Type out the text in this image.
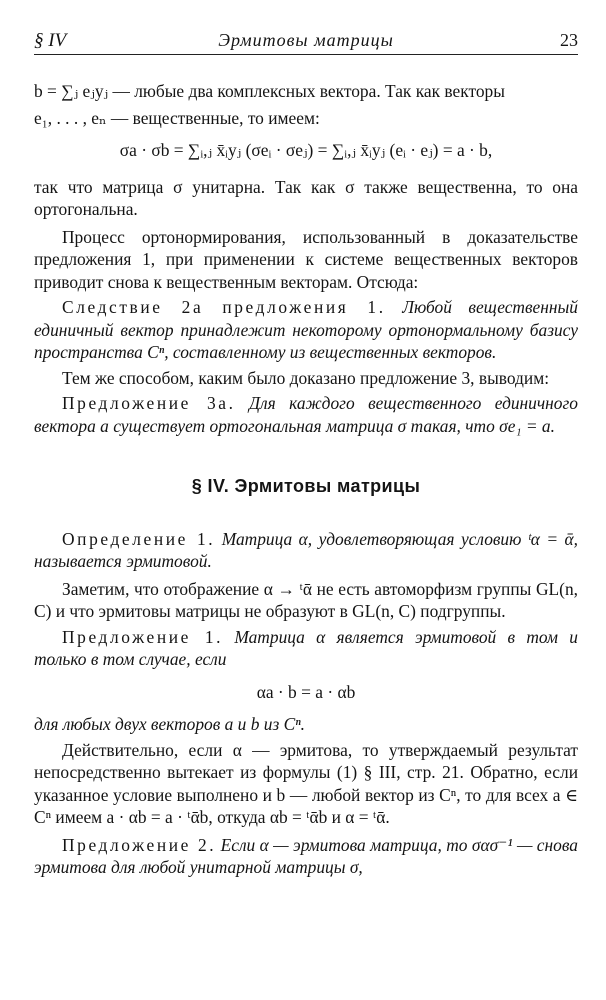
§ IV	Эрмитовы матрицы	23

b = ∑ⱼ eⱼyⱼ — любые два комплексных вектора. Так как векторы

e₁, . . . , eₙ — вещественные, то имеем:

σa · σb = ∑ᵢ,ⱼ x̄ᵢyⱼ (σeᵢ · σeⱼ) = ∑ᵢ,ⱼ x̄ᵢyⱼ (eᵢ · eⱼ) = a · b,

так что матрица σ унитарна. Так как σ также вещественна, то она ортогональна.

Процесс ортонормирования, использованный в доказательстве предложения 1, при применении к системе вещественных векторов приводит снова к вещественным векторам. Отсюда:

Следствие 2а предложения 1. Любой вещественный единичный вектор принадлежит некоторому ортонормальному базису пространства Cⁿ, составленному из вещественных векторов.

Тем же способом, каким было доказано предложение 3, выводим:

Предложение 3а. Для каждого вещественного единичного вектора a существует ортогональная матрица σ такая, что σe₁ = a.

§ IV. Эрмитовы матрицы

Определение 1. Матрица α, удовлетворяющая условию ᵗα = ᾱ, называется эрмитовой.

Заметим, что отображение α → ᵗᾱ не есть автоморфизм группы GL(n, C) и что эрмитовы матрицы не образуют в GL(n, C) подгруппы.

Предложение 1. Матрица α является эрмитовой в том и только в том случае, если

αa · b = a · αb

для любых двух векторов a и b из Cⁿ.

Действительно, если α — эрмитова, то утверждаемый результат непосредственно вытекает из формулы (1) § III, стр. 21. Обратно, если указанное условие выполнено и b — любой вектор из Cⁿ, то для всех a ∈ Cⁿ имеем a · αb = a · ᵗᾱb, откуда αb = ᵗᾱb и α = ᵗᾱ.

Предложение 2. Если α — эрмитова матрица, то σασ⁻¹ — снова эрмитова для любой унитарной матрицы σ,
